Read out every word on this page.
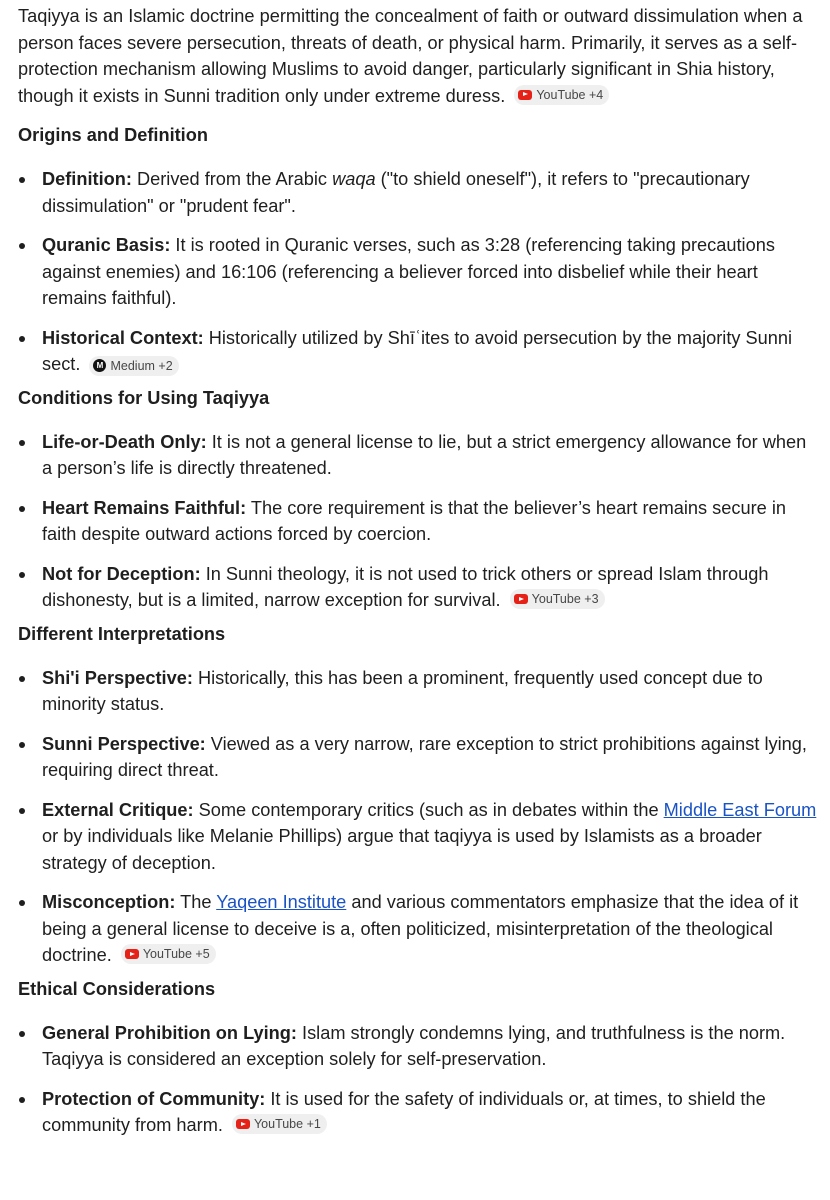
Taqiyya is an Islamic doctrine permitting the concealment of faith or outward dissimulation when a person faces severe persecution, threats of death, or physical harm. Primarily, it serves as a self-protection mechanism allowing Muslims to avoid danger, particularly significant in Shia history, though it exists in Sunni tradition only under extreme duress. YouTube +4

Origins and Definition
Definition: Derived from the Arabic waqa ("to shield oneself"), it refers to "precautionary dissimulation" or "prudent fear".
Quranic Basis: It is rooted in Quranic verses, such as 3:28 (referencing taking precautions against enemies) and 16:106 (referencing a believer forced into disbelief while their heart remains faithful).
Historical Context: Historically utilized by Shīʿites to avoid persecution by the majority Sunni sect.	M Medium +2
Conditions for Using Taqiyya
Life-or-Death Only: It is not a general license to lie, but a strict emergency allowance for when a person’s life is directly threatened.
Heart Remains Faithful: The core requirement is that the believer’s heart remains secure in faith despite outward actions forced by coercion.
Not for Deception: In Sunni theology, it is not used to trick others or spread Islam through dishonesty, but is a limited, narrow exception for survival. YouTube +3
Different Interpretations
Shi'i Perspective: Historically, this has been a prominent, frequently used concept due to minority status.
Sunni Perspective: Viewed as a very narrow, rare exception to strict prohibitions against lying, requiring direct threat.
External Critique: Some contemporary critics (such as in debates within the Middle East Forum or by individuals like Melanie Phillips) argue that taqiyya is used by Islamists as a broader strategy of deception.
Misconception: The Yaqeen Institute and various commentators emphasize that the idea of it being a general license to deceive is a, often politicized, misinterpretation of the theological doctrine. YouTube +5
Ethical Considerations
General Prohibition on Lying: Islam strongly condemns lying, and truthfulness is the norm. Taqiyya is considered an exception solely for self-preservation.
Protection of Community: It is used for the safety of individuals or, at times, to shield the community from harm. YouTube +1
